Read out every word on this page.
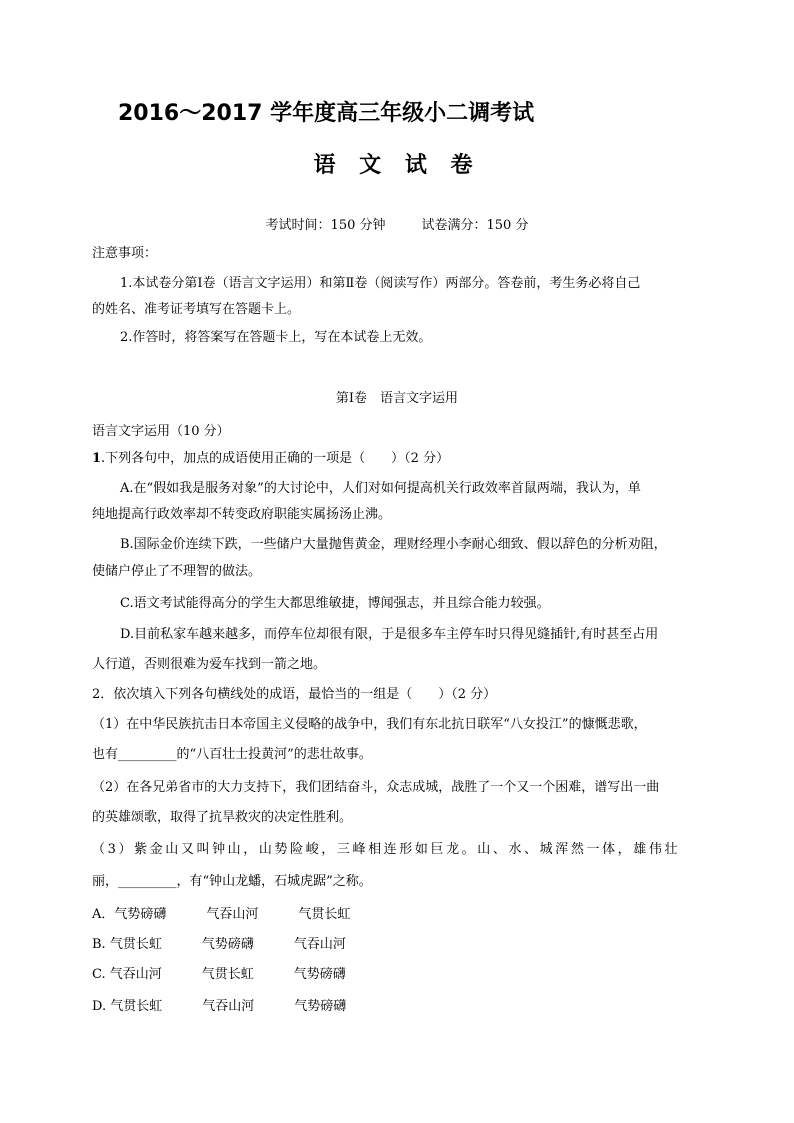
2016～2017 学年度高三年级小二调考试
语 文 试 卷
考试时间：150 分钟	试卷满分：150 分
注意事项：
1.本试卷分第Ⅰ卷（语言文字运用）和第Ⅱ卷（阅读写作）两部分。答卷前，考生务必将自己
的姓名、准考证考填写在答题卡上。
2.作答时，将答案写在答题卡上，写在本试卷上无效。
第Ⅰ卷　语言文字运用
语言文字运用（10 分）
1.下列各句中，加点的成语使用正确的一项是（　　）（2 分）
A.在“假如我是服务对象”的大讨论中，人们对如何提高机关行政效率首鼠两端，我认为，单
纯地提高行政效率却不转变政府职能实属扬汤止沸。
B.国际金价连续下跌，一些储户大量抛售黄金，理财经理小李耐心细致、假以辞色的分析劝阻，
使储户停止了不理智的做法。
C.语文考试能得高分的学生大都思维敏捷，博闻强志，并且综合能力较强。
D.目前私家车越来越多，而停车位却很有限，于是很多车主停车时只得见缝插针,有时甚至占用
人行道，否则很难为爱车找到一箭之地。
2．依次填入下列各句横线处的成语，最恰当的一组是（　　）（2 分）
（1）在中华民族抗击日本帝国主义侵略的战争中，我们有东北抗日联军“八女投江”的慷慨悲歌，
也有_________的“八百壮士投黄河”的悲壮故事。
（2）在各兄弟省市的大力支持下，我们团结奋斗，众志成城，战胜了一个又一个困难，谱写出一曲
的英雄颂歌，取得了抗旱救灾的决定性胜利。
（3）紫金山又叫钟山，山势险峻，三峰相连形如巨龙。山、水、城浑然一体，雄伟壮
丽，_________，有“钟山龙蟠，石城虎踞”之称。
A．气势磅礴	气吞山河	气贯长虹
B. 气贯长虹	气势磅礴	气吞山河
C. 气吞山河	气贯长虹	气势磅礴
D. 气贯长虹	气吞山河	气势磅礴
